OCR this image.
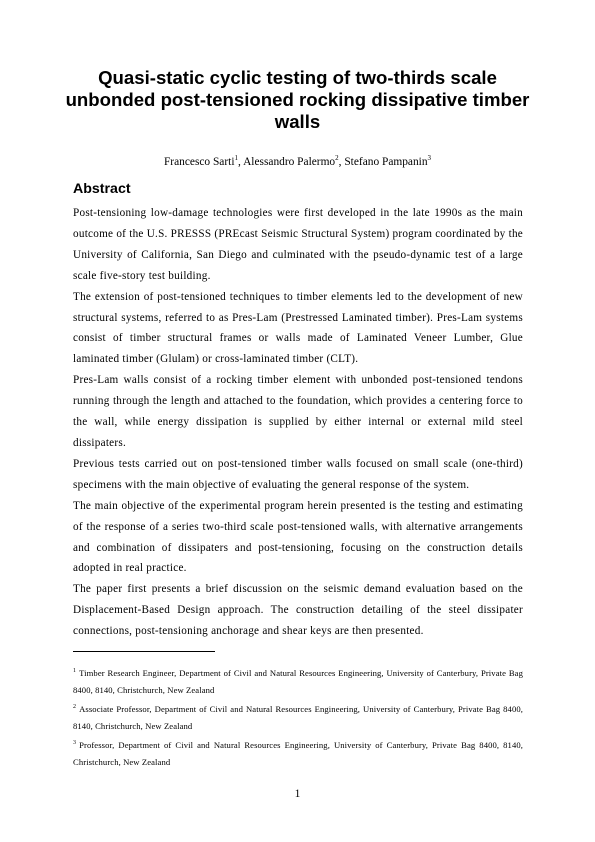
Quasi-static cyclic testing of two-thirds scale unbonded post-tensioned rocking dissipative timber walls
Francesco Sarti$^1$, Alessandro Palermo$^2$, Stefano Pampanin$^3$
Abstract

Post-tensioning low-damage technologies were first developed in the late 1990s as the main outcome of the U.S. PRESSS (PREcast Seismic Structural System) program coordinated by the University of California, San Diego and culminated with the pseudo-dynamic test of a large scale five-story test building.

The extension of post-tensioned techniques to timber elements led to the development of new structural systems, referred to as Pres-Lam (Prestressed Laminated timber). Pres-Lam systems consist of timber structural frames or walls made of Laminated Veneer Lumber, Glue laminated timber (Glulam) or cross-laminated timber (CLT).

Pres-Lam walls consist of a rocking timber element with unbonded post-tensioned tendons running through the length and attached to the foundation, which provides a centering force to the wall, while energy dissipation is supplied by either internal or external mild steel dissipaters.

Previous tests carried out on post-tensioned timber walls focused on small scale (one-third) specimens with the main objective of evaluating the general response of the system.

The main objective of the experimental program herein presented is the testing and estimating of the response of a series two-third scale post-tensioned walls, with alternative arrangements and combination of dissipaters and post-tensioning, focusing on the construction details adopted in real practice.

The paper first presents a brief discussion on the seismic demand evaluation based on the Displacement-Based Design approach. The construction detailing of the steel dissipater connections, post-tensioning anchorage and shear keys are then presented.

$^1$ Timber Research Engineer, Department of Civil and Natural Resources Engineering, University of Canterbury, Private Bag 8400, 8140, Christchurch, New Zealand

$^2$ Associate Professor, Department of Civil and Natural Resources Engineering, University of Canterbury, Private Bag 8400, 8140, Christchurch, New Zealand

$^3$ Professor, Department of Civil and Natural Resources Engineering, University of Canterbury, Private Bag 8400, 8140, Christchurch, New Zealand

1
